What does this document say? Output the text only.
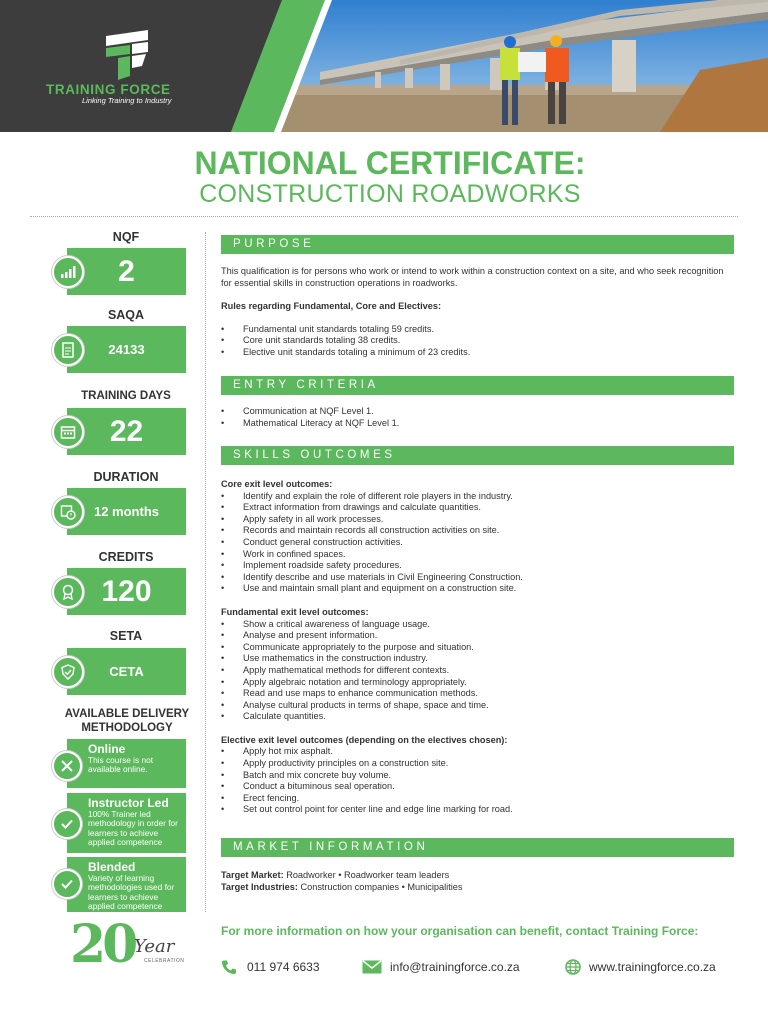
TRAINING FORCE
Linking Training to Industry
NATIONAL CERTIFICATE:
CONSTRUCTION ROADWORKS
NQF
2
SAQA
24133
TRAINING DAYS
22
DURATION
12 months
CREDITS
120
SETA
CETA
AVAILABLE DELIVERY METHODOLOGY
Online
This course is not available online.
Instructor Led
100% Trainer led methodology in order for learners to achieve applied competence
Blended
Variety of learning methodologies used for learners to achieve applied competence
20 Year
CELEBRATION
PURPOSE

This qualification is for persons who work or intend to work within a construction context on a site, and who seek recognition for essential skills in construction operations in roadworks.

Rules regarding Fundamental, Core and Electives:

• Fundamental unit standards totaling 59 credits.
• Core unit standards totaling 38 credits.
• Elective unit standards totaling a minimum of 23 credits.
ENTRY CRITERIA
• Communication at NQF Level 1.
• Mathematical Literacy at NQF Level 1.
SKILLS OUTCOMES

Core exit level outcomes:

• Identify and explain the role of different role players in the industry.
• Extract information from drawings and calculate quantities.
• Apply safety in all work processes.
• Records and maintain records all construction activities on site.
• Conduct general construction activities.
• Work in confined spaces.
• Implement roadside safety procedures.
• Identify describe and use materials in Civil Engineering Construction.
• Use and maintain small plant and equipment on a construction site.

Fundamental exit level outcomes:

• Show a critical awareness of language usage.
• Analyse and present information.
• Communicate appropriately to the purpose and situation.
• Use mathematics in the construction industry.
• Apply mathematical methods for different contexts.
• Apply algebraic notation and terminology appropriately.
• Read and use maps to enhance communication methods.
• Analyse cultural products in terms of shape, space and time.
• Calculate quantities.

Elective exit level outcomes (depending on the electives chosen):

• Apply hot mix asphalt.
• Apply productivity principles on a construction site.
• Batch and mix concrete buy volume.
• Conduct a bituminous seal operation.
• Erect fencing.
• Set out control point for center line and edge line marking for road.
MARKET INFORMATION

Target Market: Roadworker • Roadworker team leaders

Target Industries: Construction companies • Municipalities

For more information on how your organisation can benefit, contact Training Force:
011 974 6633	info@trainingforce.co.za	www.trainingforce.co.za
